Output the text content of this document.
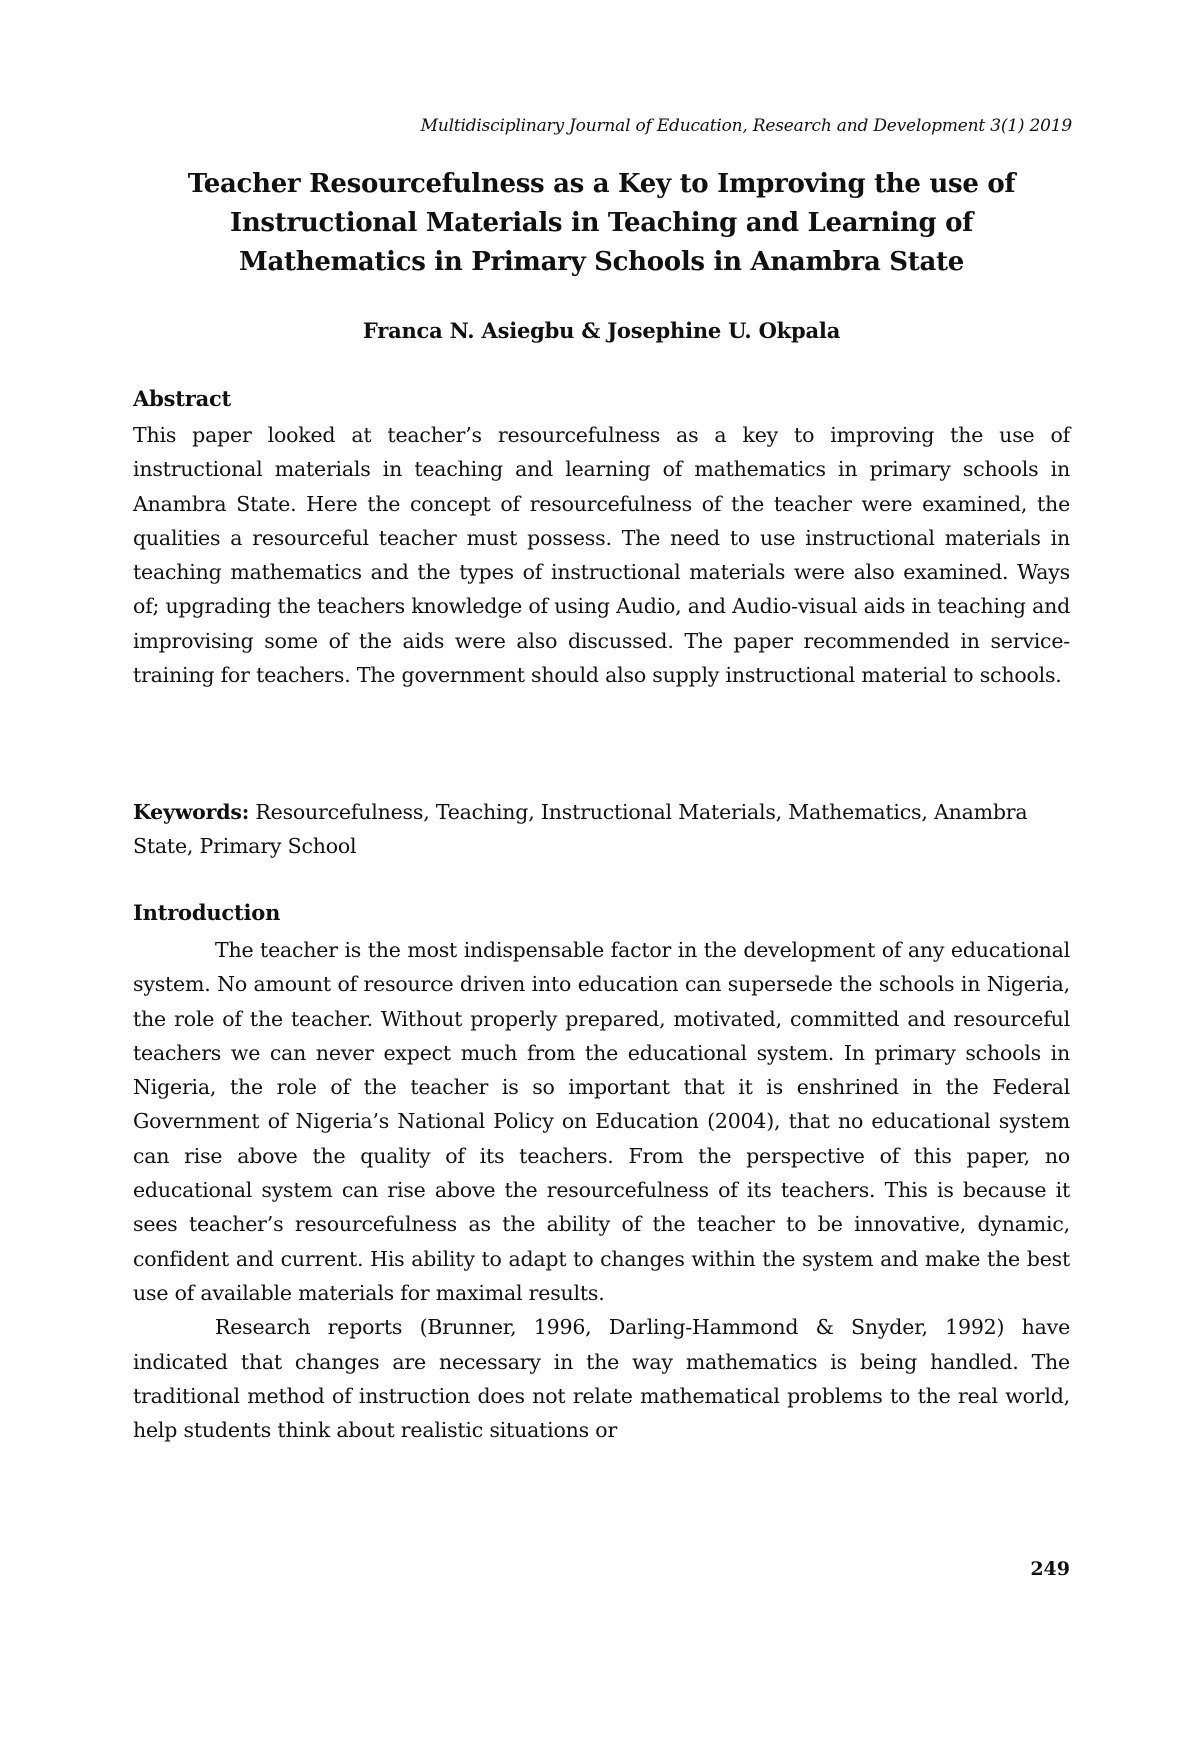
Multidisciplinary Journal of Education, Research and Development 3(1) 2019
Teacher Resourcefulness as a Key to Improving the use of
Instructional Materials in Teaching and Learning of
Mathematics in Primary Schools in Anambra State
Franca N. Asiegbu & Josephine U. Okpala
Abstract
This paper looked at teacher’s resourcefulness as a key to improving the use of instructional materials in teaching and learning of mathematics in primary schools in Anambra State. Here the concept of resourcefulness of the teacher were examined, the qualities a resourceful teacher must possess. The need to use instructional materials in teaching mathematics and the types of instructional materials were also examined. Ways of; upgrading the teachers knowledge of using Audio, and Audio-visual aids in teaching and improvising some of the aids were also discussed. The paper recommended in service-training for teachers. The government should also supply instructional material to schools.
Keywords: Resourcefulness, Teaching, Instructional Materials, Mathematics, Anambra State, Primary School
Introduction

The teacher is the most indispensable factor in the development of any educational system. No amount of resource driven into education can supersede the schools in Nigeria, the role of the teacher. Without properly prepared, motivated, committed and resourceful teachers we can never expect much from the educational system. In primary schools in Nigeria, the role of the teacher is so important that it is enshrined in the Federal Government of Nigeria’s National Policy on Education (2004), that no educational system can rise above the quality of its teachers. From the perspective of this paper, no educational system can rise above the resourcefulness of its teachers. This is because it sees teacher’s resourcefulness as the ability of the teacher to be innovative, dynamic, confident and current. His ability to adapt to changes within the system and make the best use of available materials for maximal results.

Research reports (Brunner, 1996, Darling-Hammond & Snyder, 1992) have indicated that changes are necessary in the way mathematics is being handled. The traditional method of instruction does not relate mathematical problems to the real world, help students think about realistic situations or

249
